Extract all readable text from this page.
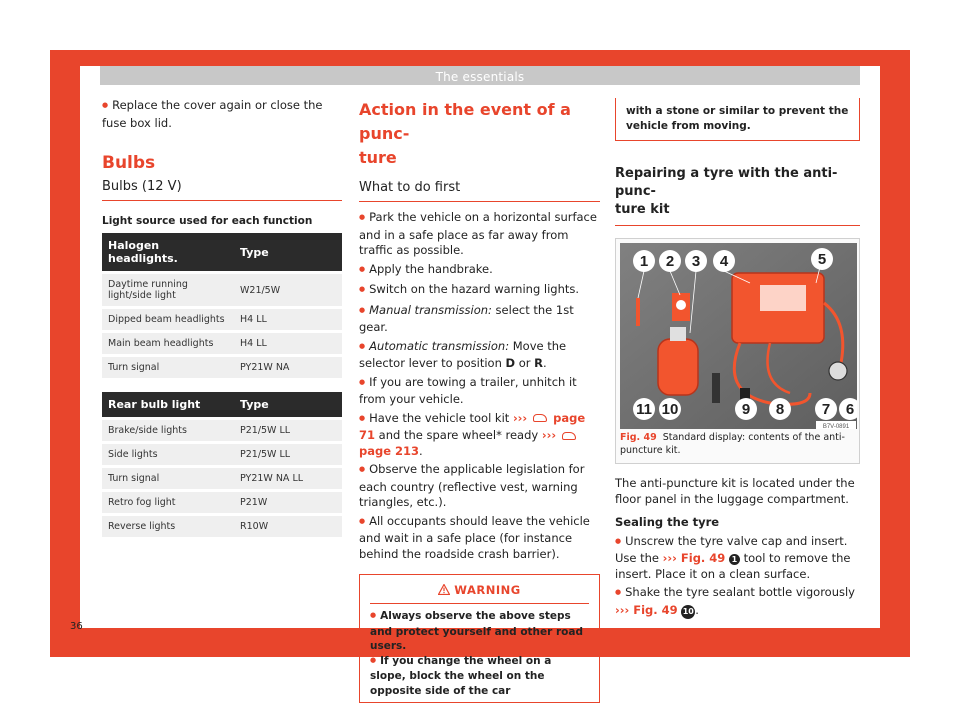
The essentials

● Replace the cover again or close the fuse box lid.

Bulbs
Bulbs (12 V)
Light source used for each function
Halogen headlights.	Type
Daytime running light/side light	W21/5W
Dipped beam headlights	H4 LL
Main beam headlights	H4 LL
Turn signal	PY21W NA
Rear bulb light	Type
Brake/side lights	P21/5W LL
Side lights	P21/5W LL
Turn signal	PY21W NA LL
Retro fog light	P21W
Reverse lights	R10W
Action in the event of a punc-
ture
What to do first

● Park the vehicle on a horizontal surface and in a safe place as far away from traffic as possible.

● Apply the handbrake.

● Switch on the hazard warning lights.

● Manual transmission: select the 1st gear.

● Automatic transmission: Move the selector lever to position D or R.

● If you are towing a trailer, unhitch it from your vehicle.

● Have the vehicle tool kit ›››  page 71 and the spare wheel* ready ›››  page 213.

● Observe the applicable legislation for each country (reflective vest, warning triangles, etc.).

● All occupants should leave the vehicle and wait in a safe place (for instance behind the roadside crash barrier).

WARNING

● Always observe the above steps and protect yourself and other road users.

● If you change the wheel on a slope, block the wheel on the opposite side of the car

with a stone or similar to prevent the vehicle from moving.

Repairing a tyre with the anti-punc-
ture kit
1 2 3 4	5
11 10	9 8	7 6
B7V-0891
Fig. 49 Standard display: contents of the anti-puncture kit.

The anti-puncture kit is located under the floor panel in the luggage compartment.

Sealing the tyre

● Unscrew the tyre valve cap and insert. Use the ››› Fig. 49 1 tool to remove the insert. Place it on a clean surface.

● Shake the tyre sealant bottle vigorously ››› Fig. 49 10.

36
